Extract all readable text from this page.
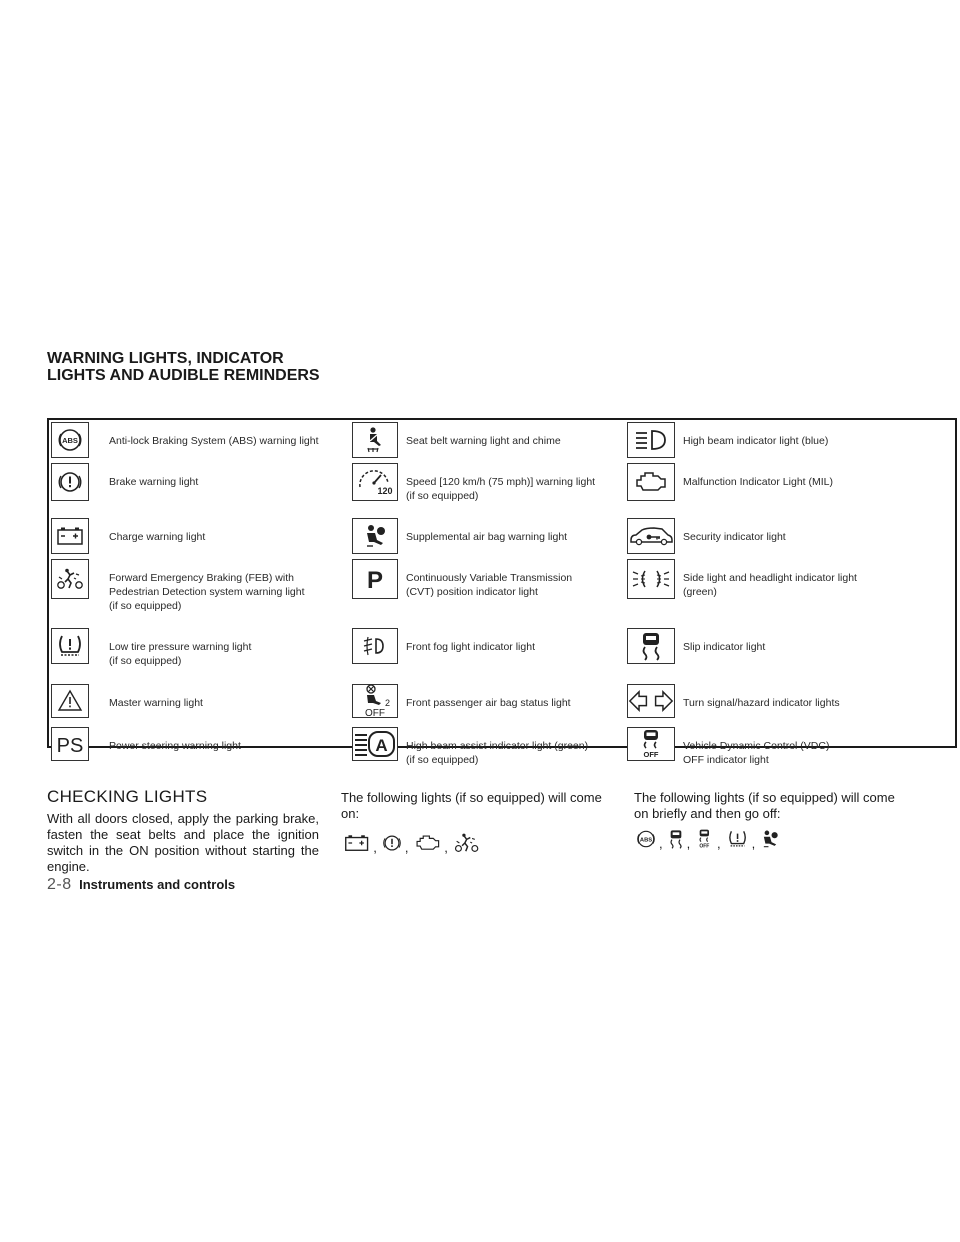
WARNING LIGHTS, INDICATOR
LIGHTS AND AUDIBLE REMINDERS
ABS	Anti-lock Braking System (ABS) warning light
Brake warning light
Charge warning light
Forward Emergency Braking (FEB) with
Pedestrian Detection system warning light
(if so equipped)
Low tire pressure warning light
(if so equipped)
Master warning light
PS Power steering warning light
Seat belt warning light and chime
120
Speed [120 km/h (75 mph)] warning light
(if so equipped)
Supplemental air bag warning light
P Continuously Variable Transmission
(CVT) position indicator light
Front fog light indicator light
2
OFF
Front passenger air bag status light
A High beam assist indicator light (green)
(if so equipped)
High beam indicator light (blue)
Malfunction Indicator Light (MIL)
Security indicator light
Side light and headlight indicator light
(green)
Slip indicator light
Turn signal/hazard indicator lights
OFF
Vehicle Dynamic Control (VDC)
OFF indicator light
CHECKING LIGHTS

With all doors closed, apply the parking brake, fasten the seat belts and place the ignition switch in the ON position without starting the engine.

The following lights (if so equipped) will come on:

, ,	,

The following lights (if so equipped) will come on briefly and then go off:

ABS , , OFF , ,
2-8 Instruments and controls
